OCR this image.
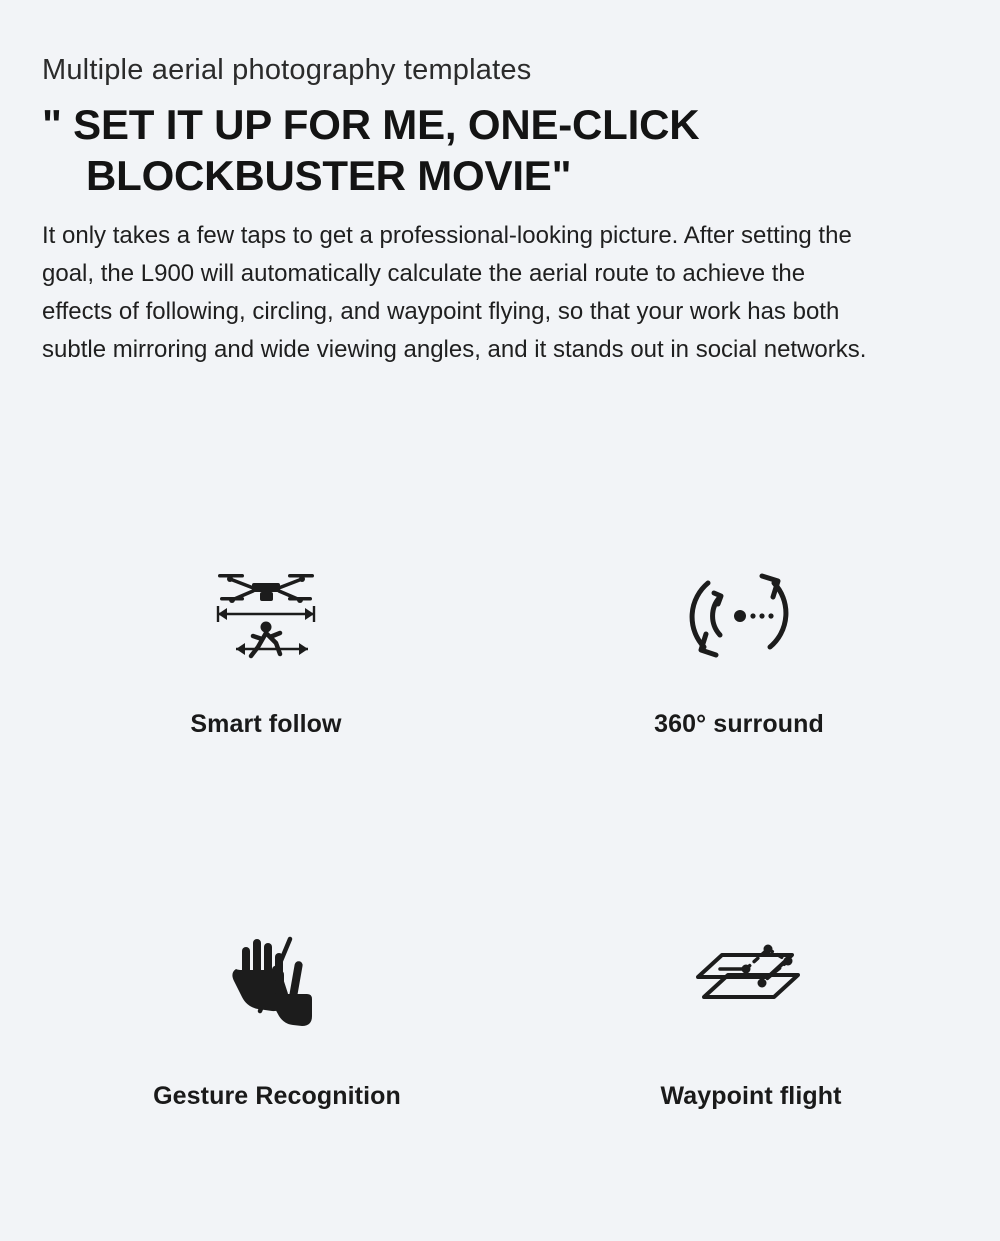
Multiple aerial photography templates

" SET IT UP FOR ME, ONE-CLICK
BLOCKBUSTER MOVIE"

It only takes a few taps to get a professional-looking picture. After setting the goal, the L900 will automatically calculate the aerial route to achieve the effects of following, circling, and waypoint flying, so that your work has both subtle mirroring and wide viewing angles, and it stands out in social networks.

Smart follow	360° surround
Gesture Recognition	Waypoint flight
